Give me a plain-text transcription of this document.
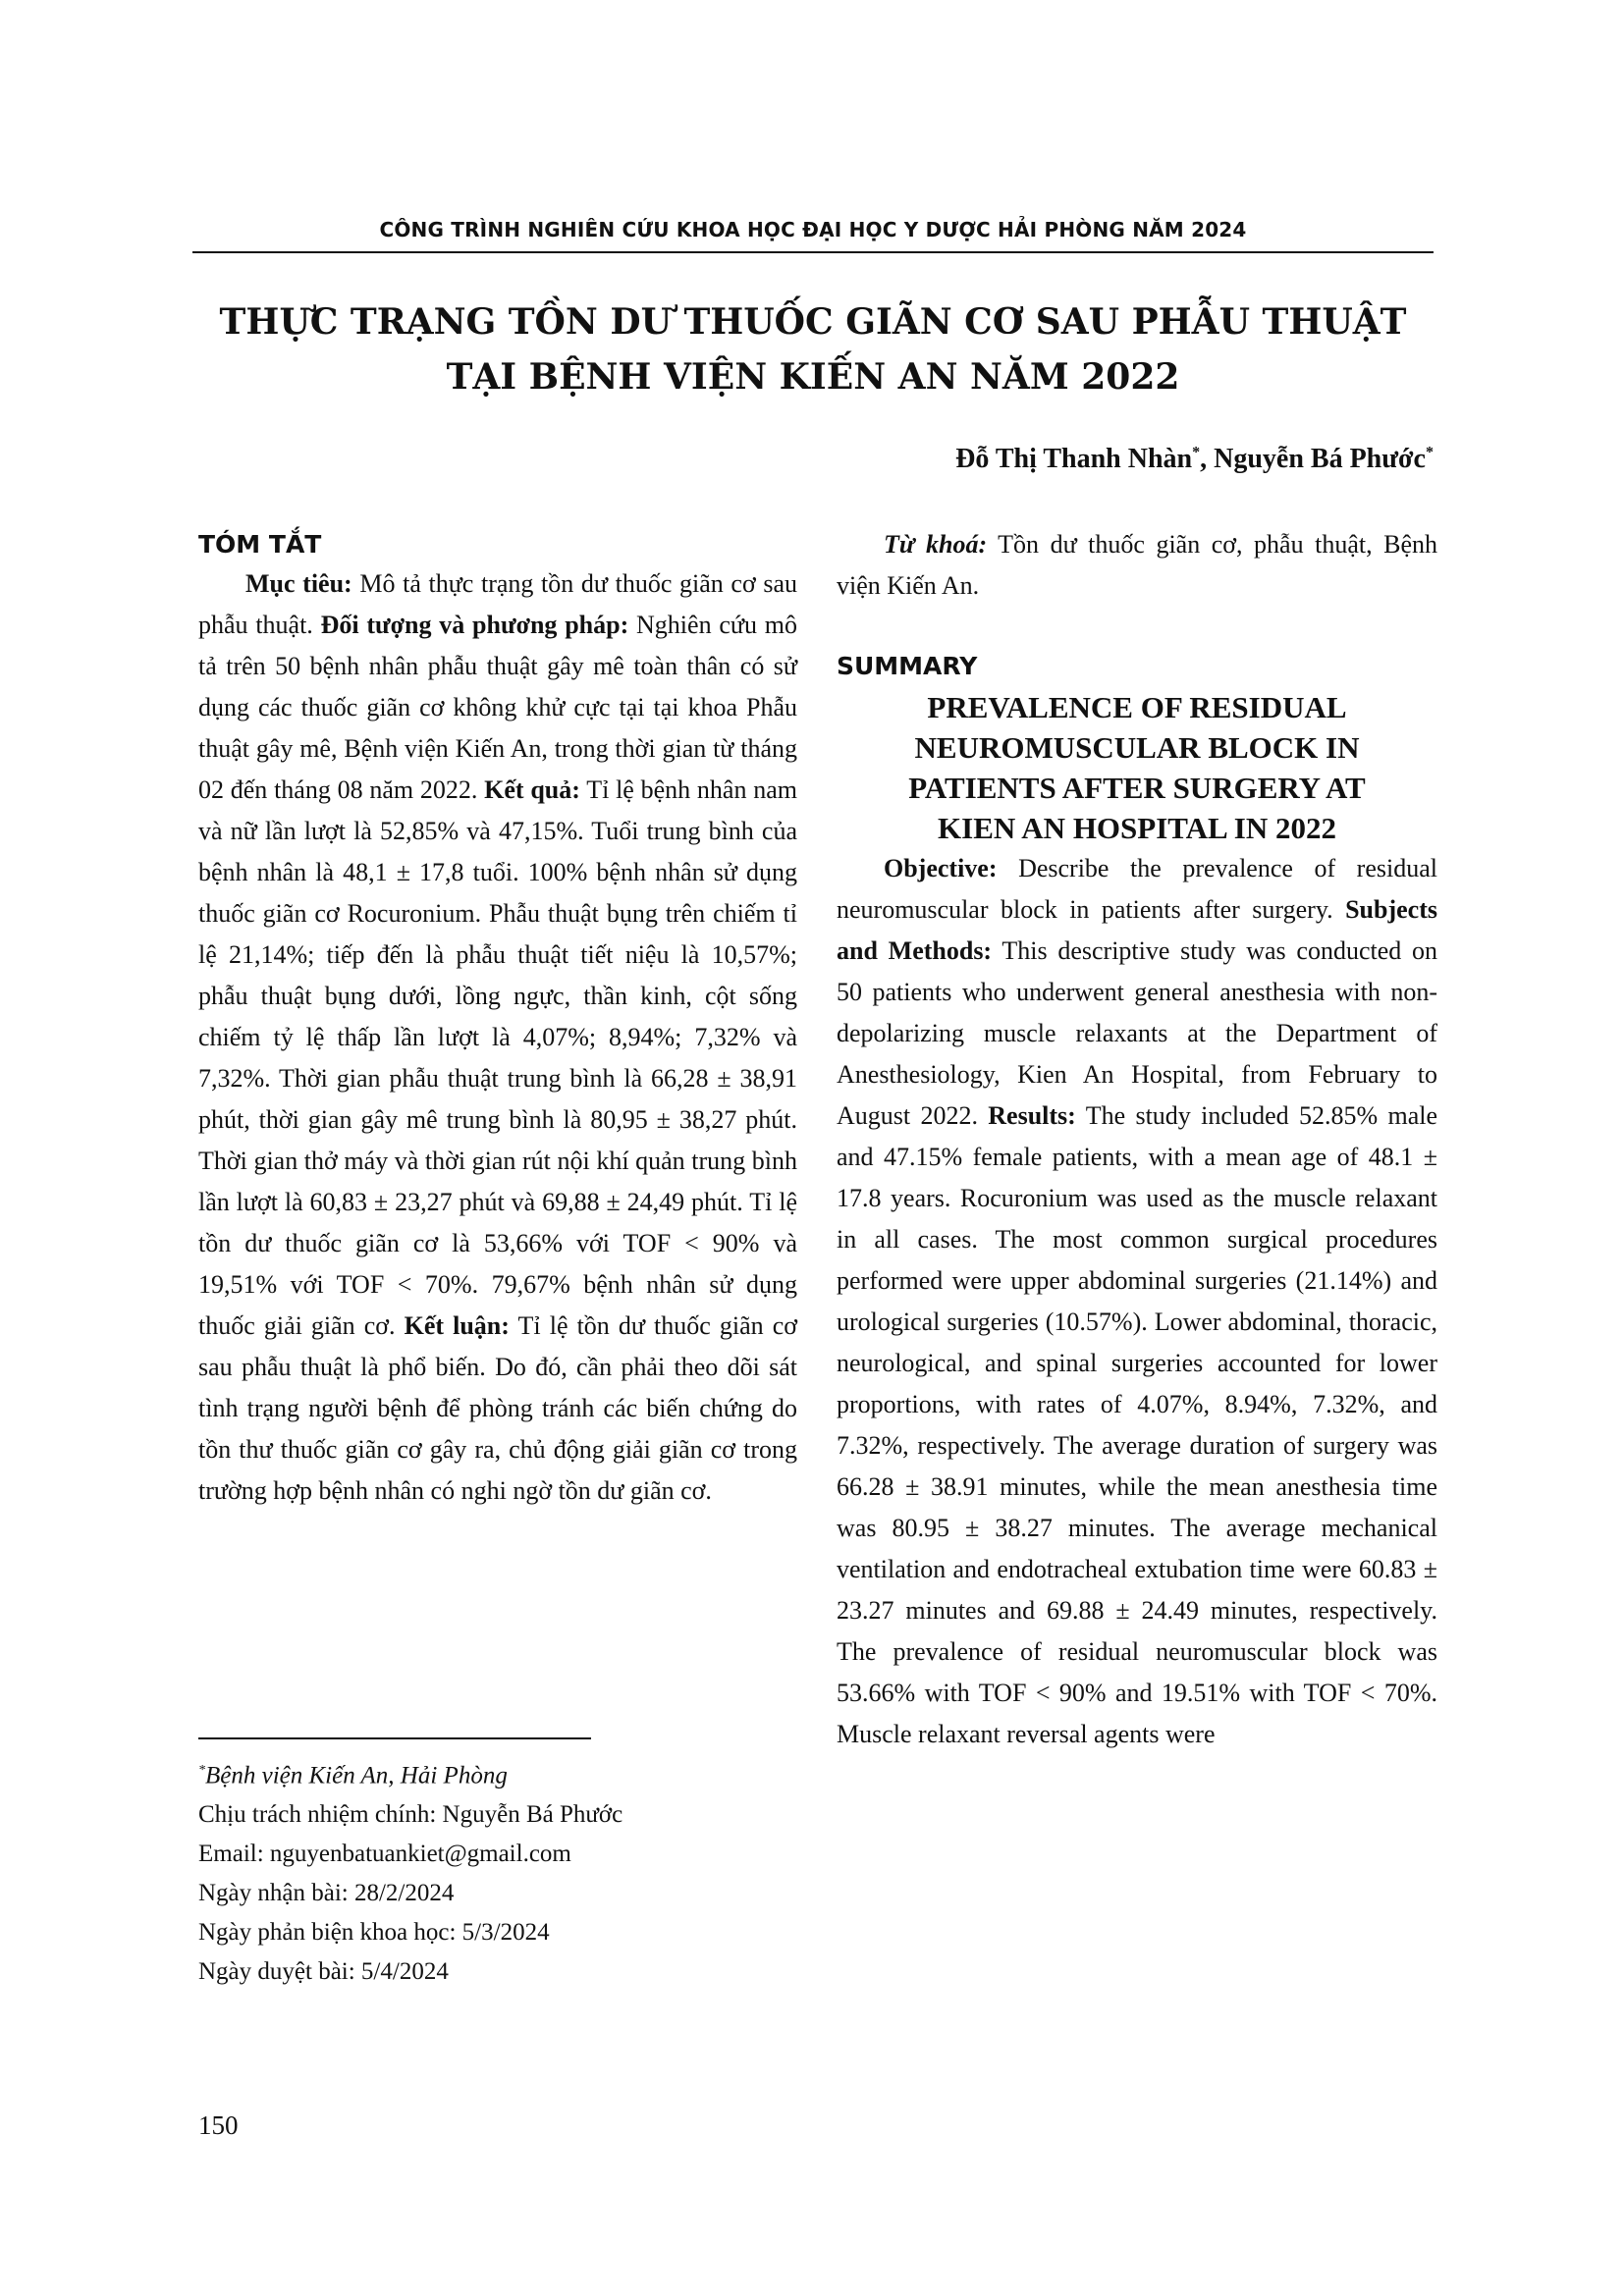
CÔNG TRÌNH NGHIÊN CỨU KHOA HỌC ĐẠI HỌC Y DƯỢC HẢI PHÒNG NĂM 2024
THỰC TRẠNG TỒN DƯ THUỐC GIÃN CƠ SAU PHẪU THUẬT
TẠI BỆNH VIỆN KIẾN AN NĂM 2022
Đỗ Thị Thanh Nhàn*, Nguyễn Bá Phước*
TÓM TẮT

Mục tiêu: Mô tả thực trạng tồn dư thuốc giãn cơ sau phẫu thuật. Đối tượng và phương pháp: Nghiên cứu mô tả trên 50 bệnh nhân phẫu thuật gây mê toàn thân có sử dụng các thuốc giãn cơ không khử cực tại tại khoa Phẫu thuật gây mê, Bệnh viện Kiến An, trong thời gian từ tháng 02 đến tháng 08 năm 2022. Kết quả: Tỉ lệ bệnh nhân nam và nữ lần lượt là 52,85% và 47,15%. Tuổi trung bình của bệnh nhân là 48,1 ± 17,8 tuổi. 100% bệnh nhân sử dụng thuốc giãn cơ Rocuronium. Phẫu thuật bụng trên chiếm tỉ lệ 21,14%; tiếp đến là phẫu thuật tiết niệu là 10,57%; phẫu thuật bụng dưới, lồng ngực, thần kinh, cột sống chiếm tỷ lệ thấp lần lượt là 4,07%; 8,94%; 7,32% và 7,32%. Thời gian phẫu thuật trung bình là 66,28 ± 38,91 phút, thời gian gây mê trung bình là 80,95 ± 38,27 phút. Thời gian thở máy và thời gian rút nội khí quản trung bình lần lượt là 60,83 ± 23,27 phút và 69,88 ± 24,49 phút. Tỉ lệ tồn dư thuốc giãn cơ là 53,66% với TOF < 90% và 19,51% với TOF < 70%. 79,67% bệnh nhân sử dụng thuốc giải giãn cơ. Kết luận: Tỉ lệ tồn dư thuốc giãn cơ sau phẫu thuật là phổ biến. Do đó, cần phải theo dõi sát tình trạng người bệnh để phòng tránh các biến chứng do tồn thư thuốc giãn cơ gây ra, chủ động giải giãn cơ trong trường hợp bệnh nhân có nghi ngờ tồn dư giãn cơ.

*Bệnh viện Kiến An, Hải Phòng
Chịu trách nhiệm chính: Nguyễn Bá Phước
Email: nguyenbatuankiet@gmail.com
Ngày nhận bài: 28/2/2024
Ngày phản biện khoa học: 5/3/2024
Ngày duyệt bài: 5/4/2024
150

Từ khoá: Tồn dư thuốc giãn cơ, phẫu thuật, Bệnh viện Kiến An.

SUMMARY

PREVALENCE OF RESIDUAL
NEUROMUSCULAR BLOCK IN
PATIENTS AFTER SURGERY AT
KIEN AN HOSPITAL IN 2022

Objective: Describe the prevalence of residual neuromuscular block in patients after surgery. Subjects and Methods: This descriptive study was conducted on 50 patients who underwent general anesthesia with non-depolarizing muscle relaxants at the Department of Anesthesiology, Kien An Hospital, from February to August 2022. Results: The study included 52.85% male and 47.15% female patients, with a mean age of 48.1 ± 17.8 years. Rocuronium was used as the muscle relaxant in all cases. The most common surgical procedures performed were upper abdominal surgeries (21.14%) and urological surgeries (10.57%). Lower abdominal, thoracic, neurological, and spinal surgeries accounted for lower proportions, with rates of 4.07%, 8.94%, 7.32%, and 7.32%, respectively. The average duration of surgery was 66.28 ± 38.91 minutes, while the mean anesthesia time was 80.95 ± 38.27 minutes. The average mechanical ventilation and endotracheal extubation time were 60.83 ± 23.27 minutes and 69.88 ± 24.49 minutes, respectively. The prevalence of residual neuromuscular block was 53.66% with TOF < 90% and 19.51% with TOF < 70%. Muscle relaxant reversal agents were
